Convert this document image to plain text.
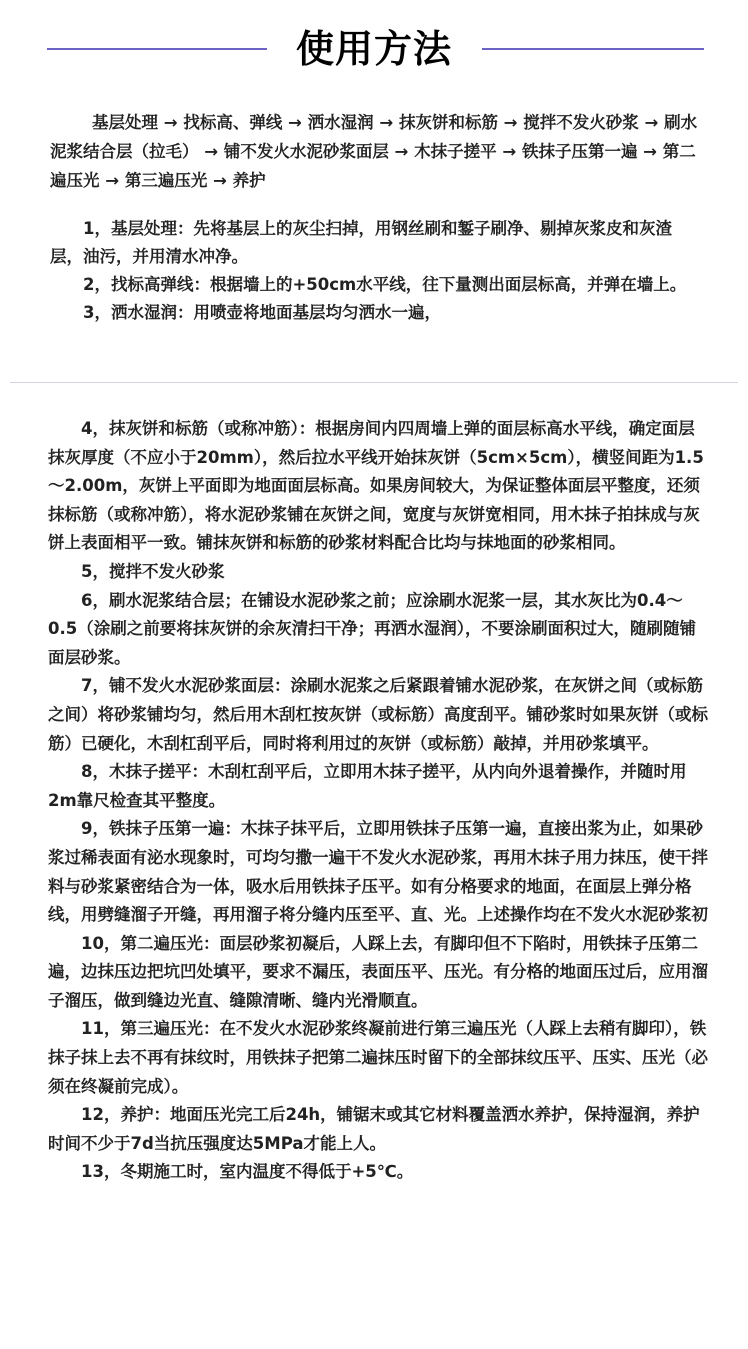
使用方法
基层处理 → 找标高、弹线 → 洒水湿润 → 抹灰饼和标筋 → 搅拌不发火砂浆 → 刷水泥浆结合层（拉毛） → 铺不发火水泥砂浆面层 → 木抹子搓平 → 铁抹子压第一遍 → 第二遍压光 → 第三遍压光 → 养护

1，基层处理：先将基层上的灰尘扫掉，用钢丝刷和錾子刷净、剔掉灰浆皮和灰渣层，油污，并用清水冲净。

2，找标高弹线：根据墙上的+50cm水平线，往下量测出面层标高，并弹在墙上。

3，洒水湿润：用喷壶将地面基层均匀洒水一遍，

4，抹灰饼和标筋（或称冲筋）：根据房间内四周墙上弹的面层标高水平线，确定面层抹灰厚度（不应小于20mm），然后拉水平线开始抹灰饼（5cm×5cm），横竖间距为1.5～2.00m，灰饼上平面即为地面面层标高。如果房间较大，为保证整体面层平整度，还须抹标筋（或称冲筋），将水泥砂浆铺在灰饼之间，宽度与灰饼宽相同，用木抹子拍抹成与灰饼上表面相平一致。铺抹灰饼和标筋的砂浆材料配合比均与抹地面的砂浆相同。

5，搅拌不发火砂浆

6，刷水泥浆结合层；在铺设水泥砂浆之前；应涂刷水泥浆一层，其水灰比为0.4～0.5（涂刷之前要将抹灰饼的余灰清扫干净；再洒水湿润），不要涂刷面积过大，随刷随铺面层砂浆。

7，铺不发火水泥砂浆面层：涂刷水泥浆之后紧跟着铺水泥砂浆，在灰饼之间（或标筋之间）将砂浆铺均匀，然后用木刮杠按灰饼（或标筋）高度刮平。铺砂浆时如果灰饼（或标筋）已硬化，木刮杠刮平后，同时将利用过的灰饼（或标筋）敲掉，并用砂浆填平。

8，木抹子搓平：木刮杠刮平后，立即用木抹子搓平，从内向外退着操作，并随时用2m靠尺检查其平整度。

9，铁抹子压第一遍：木抹子抹平后，立即用铁抹子压第一遍，直接出浆为止，如果砂浆过稀表面有泌水现象时，可均匀撒一遍干不发火水泥砂浆，再用木抹子用力抹压，使干拌料与砂浆紧密结合为一体，吸水后用铁抹子压平。如有分格要求的地面，在面层上弹分格线，用劈缝溜子开缝，再用溜子将分缝内压至平、直、光。上述操作均在不发火水泥砂浆初

10，第二遍压光：面层砂浆初凝后，人踩上去，有脚印但不下陷时，用铁抹子压第二遍，边抹压边把坑凹处填平，要求不漏压，表面压平、压光。有分格的地面压过后，应用溜子溜压，做到缝边光直、缝隙清晰、缝内光滑顺直。

11，第三遍压光：在不发火水泥砂浆终凝前进行第三遍压光（人踩上去稍有脚印），铁抹子抹上去不再有抹纹时，用铁抹子把第二遍抹压时留下的全部抹纹压平、压实、压光（必须在终凝前完成）。

12，养护：地面压光完工后24h，铺锯末或其它材料覆盖洒水养护，保持湿润，养护时间不少于7d当抗压强度达5MPa才能上人。

13，冬期施工时，室内温度不得低于+5℃。
